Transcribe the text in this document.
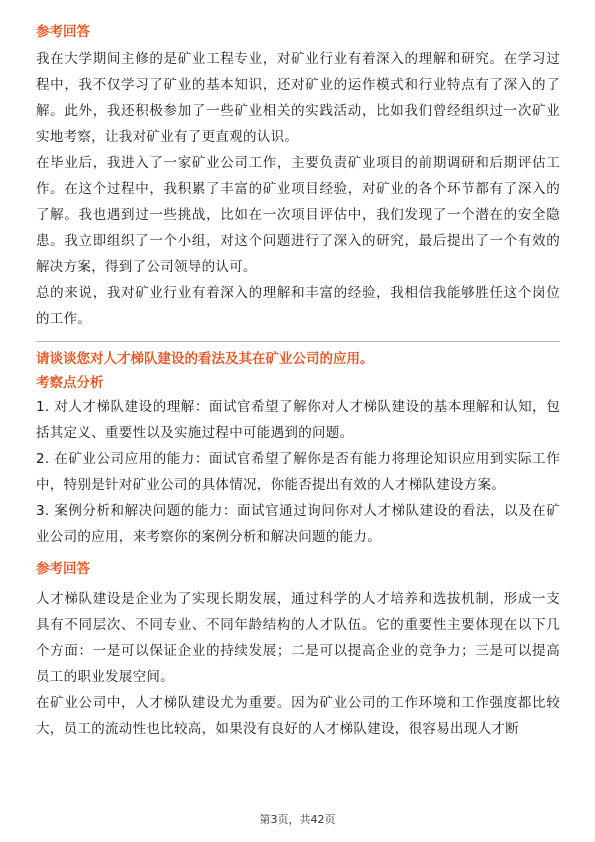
参考回答

我在大学期间主修的是矿业工程专业，对矿业行业有着深入的理解和研究。在学习过程中，我不仅学习了矿业的基本知识，还对矿业的运作模式和行业特点有了深入的了解。此外，我还积极参加了一些矿业相关的实践活动，比如我们曾经组织过一次矿业实地考察，让我对矿业有了更直观的认识。

在毕业后，我进入了一家矿业公司工作，主要负责矿业项目的前期调研和后期评估工作。在这个过程中，我积累了丰富的矿业项目经验，对矿业的各个环节都有了深入的了解。我也遇到过一些挑战，比如在一次项目评估中，我们发现了一个潜在的安全隐患。我立即组织了一个小组，对这个问题进行了深入的研究，最后提出了一个有效的解决方案，得到了公司领导的认可。

总的来说，我对矿业行业有着深入的理解和丰富的经验，我相信我能够胜任这个岗位的工作。

请谈谈您对人才梯队建设的看法及其在矿业公司的应用。

考察点分析

1. 对人才梯队建设的理解：面试官希望了解你对人才梯队建设的基本理解和认知，包括其定义、重要性以及实施过程中可能遇到的问题。

2. 在矿业公司应用的能力：面试官希望了解你是否有能力将理论知识应用到实际工作中，特别是针对矿业公司的具体情况，你能否提出有效的人才梯队建设方案。

3. 案例分析和解决问题的能力：面试官通过询问你对人才梯队建设的看法，以及在矿业公司的应用，来考察你的案例分析和解决问题的能力。

参考回答

人才梯队建设是企业为了实现长期发展，通过科学的人才培养和选拔机制，形成一支具有不同层次、不同专业、不同年龄结构的人才队伍。它的重要性主要体现在以下几个方面：一是可以保证企业的持续发展；二是可以提高企业的竞争力；三是可以提高员工的职业发展空间。

在矿业公司中，人才梯队建设尤为重要。因为矿业公司的工作环境和工作强度都比较大，员工的流动性也比较高，如果没有良好的人才梯队建设，很容易出现人才断

第3页，共42页
